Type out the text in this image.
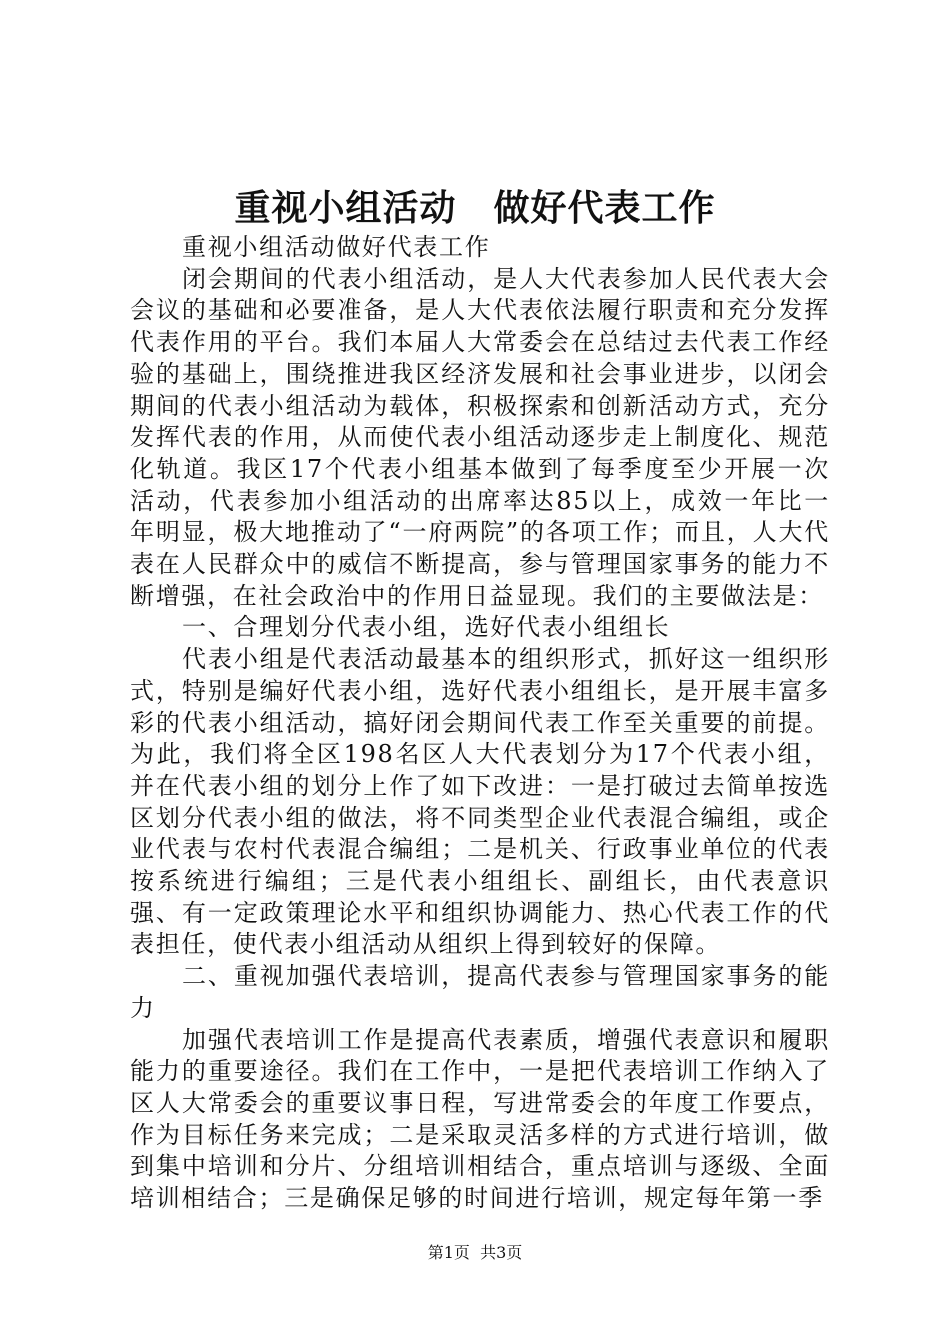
重视小组活动　做好代表工作

重视小组活动做好代表工作

闭会期间的代表小组活动，是人大代表参加人民代表大会会议的基础和必要准备，是人大代表依法履行职责和充分发挥代表作用的平台。我们本届人大常委会在总结过去代表工作经验的基础上，围绕推进我区经济发展和社会事业进步，以闭会期间的代表小组活动为载体，积极探索和创新活动方式，充分发挥代表的作用，从而使代表小组活动逐步走上制度化、规范化轨道。我区17个代表小组基本做到了每季度至少开展一次活动，代表参加小组活动的出席率达85以上，成效一年比一年明显，极大地推动了“一府两院”的各项工作；而且，人大代表在人民群众中的威信不断提高，参与管理国家事务的能力不断增强，在社会政治中的作用日益显现。我们的主要做法是：

一、合理划分代表小组，选好代表小组组长

代表小组是代表活动最基本的组织形式，抓好这一组织形式，特别是编好代表小组，选好代表小组组长，是开展丰富多彩的代表小组活动，搞好闭会期间代表工作至关重要的前提。为此，我们将全区198名区人大代表划分为17个代表小组，并在代表小组的划分上作了如下改进：一是打破过去简单按选区划分代表小组的做法，将不同类型企业代表混合编组，或企业代表与农村代表混合编组；二是机关、行政事业单位的代表按系统进行编组；三是代表小组组长、副组长，由代表意识强、有一定政策理论水平和组织协调能力、热心代表工作的代表担任，使代表小组活动从组织上得到较好的保障。

二、重视加强代表培训，提高代表参与管理国家事务的能力

加强代表培训工作是提高代表素质，增强代表意识和履职能力的重要途径。我们在工作中，一是把代表培训工作纳入了区人大常委会的重要议事日程，写进常委会的年度工作要点，作为目标任务来完成；二是采取灵活多样的方式进行培训，做到集中培训和分片、分组培训相结合，重点培训与逐级、全面培训相结合；三是确保足够的时间进行培训，规定每年第一季

第1页  共3页
